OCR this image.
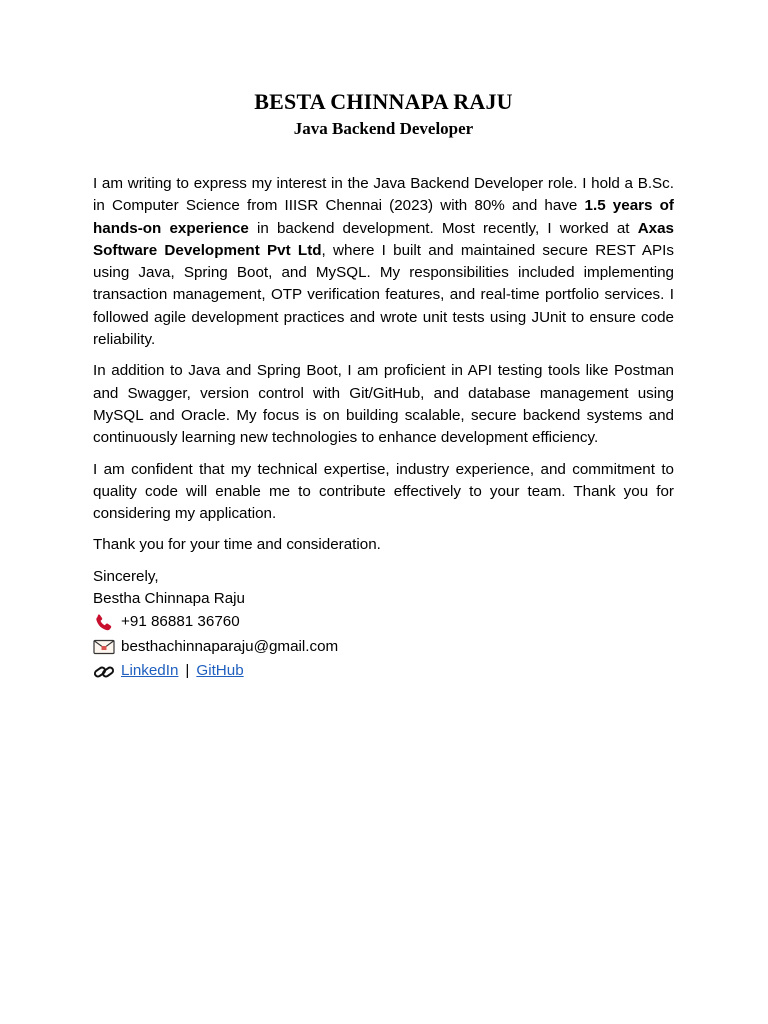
BESTA CHINNAPA RAJU
Java Backend Developer

I am writing to express my interest in the Java Backend Developer role. I hold a B.Sc. in Computer Science from IIISR Chennai (2023) with 80% and have 1.5 years of hands-on experience in backend development. Most recently, I worked at Axas Software Development Pvt Ltd, where I built and maintained secure REST APIs using Java, Spring Boot, and MySQL. My responsibilities included implementing transaction management, OTP verification features, and real-time portfolio services. I followed agile development practices and wrote unit tests using JUnit to ensure code reliability.

In addition to Java and Spring Boot, I am proficient in API testing tools like Postman and Swagger, version control with Git/GitHub, and database management using MySQL and Oracle. My focus is on building scalable, secure backend systems and continuously learning new technologies to enhance development efficiency.

I am confident that my technical expertise, industry experience, and commitment to quality code will enable me to contribute effectively to your team. Thank you for considering my application.

Thank you for your time and consideration.

Sincerely,
Bestha Chinnapa Raju
+91 86881 36760
besthachinnaparaju@gmail.com
LinkedIn | GitHub
